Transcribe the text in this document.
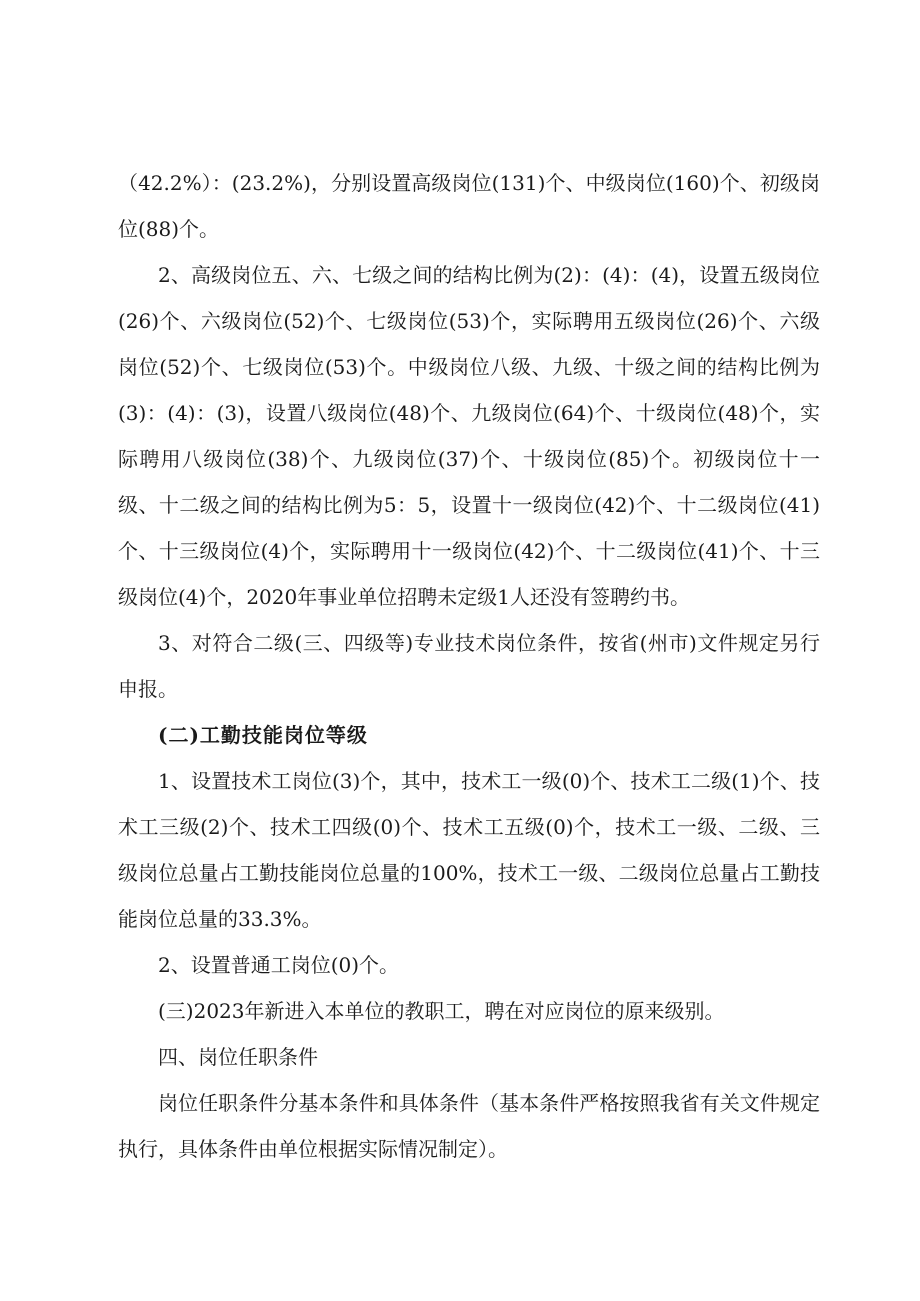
（42.2%）：(23.2%)，分别设置高级岗位(131)个、中级岗位(160)个、初级岗位(88)个。

2、高级岗位五、六、七级之间的结构比例为(2)：(4)：(4)，设置五级岗位(26)个、六级岗位(52)个、七级岗位(53)个，实际聘用五级岗位(26)个、六级岗位(52)个、七级岗位(53)个。中级岗位八级、九级、十级之间的结构比例为(3)：(4)：(3)，设置八级岗位(48)个、九级岗位(64)个、十级岗位(48)个，实际聘用八级岗位(38)个、九级岗位(37)个、十级岗位(85)个。初级岗位十一级、十二级之间的结构比例为5：5，设置十一级岗位(42)个、十二级岗位(41)个、十三级岗位(4)个，实际聘用十一级岗位(42)个、十二级岗位(41)个、十三级岗位(4)个，2020年事业单位招聘未定级1人还没有签聘约书。

3、对符合二级(三、四级等)专业技术岗位条件，按省(州市)文件规定另行申报。

(二)工勤技能岗位等级

1、设置技术工岗位(3)个，其中，技术工一级(0)个、技术工二级(1)个、技术工三级(2)个、技术工四级(0)个、技术工五级(0)个，技术工一级、二级、三级岗位总量占工勤技能岗位总量的100%，技术工一级、二级岗位总量占工勤技能岗位总量的33.3%。

2、设置普通工岗位(0)个。

(三)2023年新进入本单位的教职工，聘在对应岗位的原来级别。

四、岗位任职条件

岗位任职条件分基本条件和具体条件（基本条件严格按照我省有关文件规定执行，具体条件由单位根据实际情况制定）。
